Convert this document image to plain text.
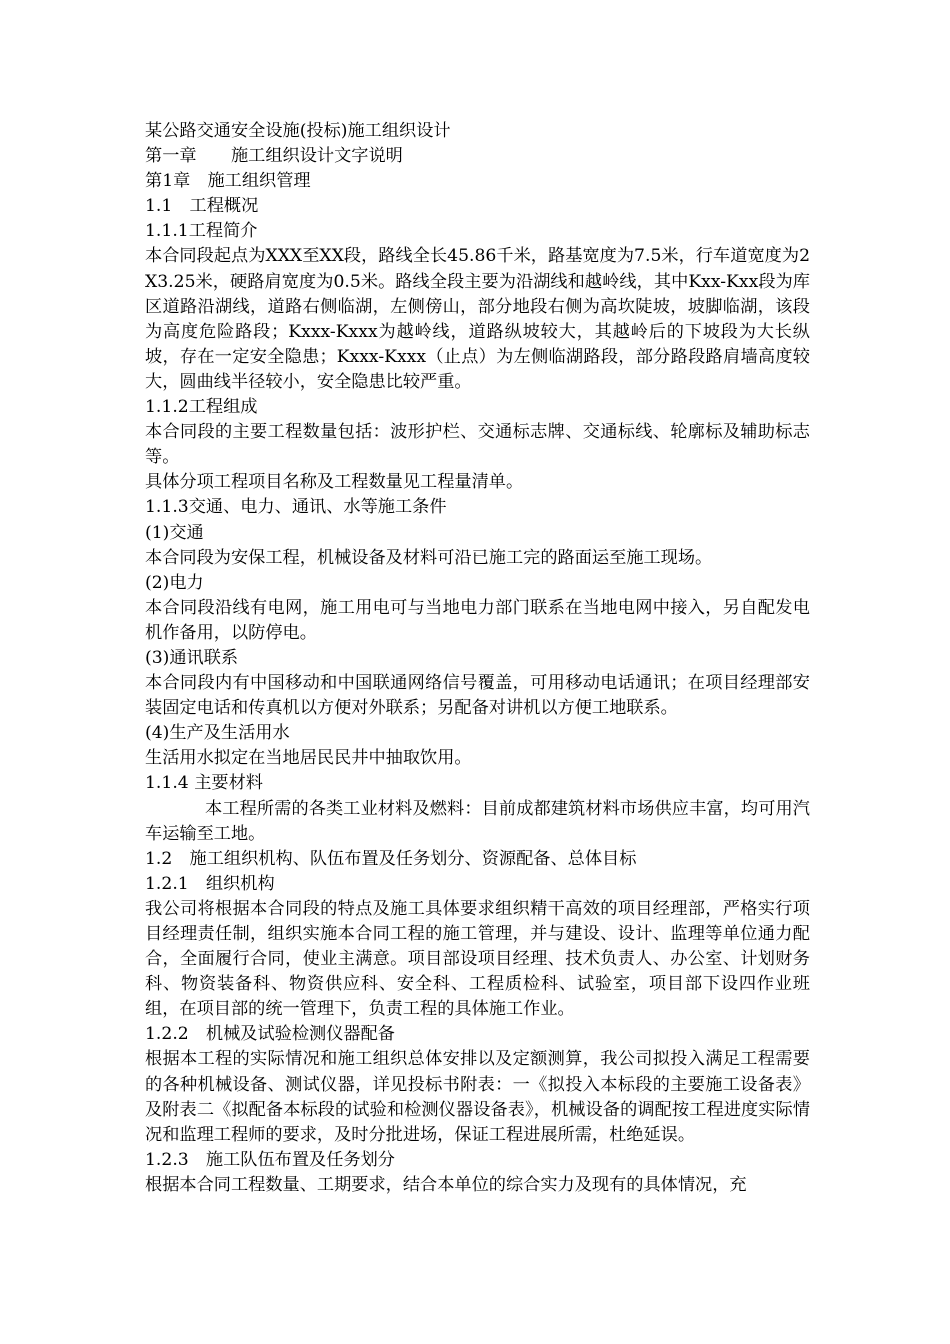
某公路交通安全设施(投标)施工组织设计
第一章　　施工组织设计文字说明
第1章　施工组织管理
1.1　工程概况
1.1.1工程简介

本合同段起点为XXX至XX段，路线全长45.86千米，路基宽度为7.5米，行车道宽度为2X3.25米，硬路肩宽度为0.5米。路线全段主要为沿湖线和越岭线，其中Kxx-Kxx段为库区道路沿湖线，道路右侧临湖，左侧傍山，部分地段右侧为高坎陡坡，坡脚临湖，该段为高度危险路段；Kxxx-Kxxx为越岭线，道路纵坡较大，其越岭后的下坡段为大长纵坡，存在一定安全隐患；Kxxx-Kxxx（止点）为左侧临湖路段，部分路段路肩墙高度较大，圆曲线半径较小，安全隐患比较严重。

1.1.2工程组成

本合同段的主要工程数量包括：波形护栏、交通标志牌、交通标线、轮廓标及辅助标志等。

具体分项工程项目名称及工程数量见工程量清单。

1.1.3交通、电力、通讯、水等施工条件
(1)交通

本合同段为安保工程，机械设备及材料可沿已施工完的路面运至施工现场。

(2)电力

本合同段沿线有电网，施工用电可与当地电力部门联系在当地电网中接入，另自配发电机作备用，以防停电。

(3)通讯联系

本合同段内有中国移动和中国联通网络信号覆盖，可用移动电话通讯；在项目经理部安装固定电话和传真机以方便对外联系；另配备对讲机以方便工地联系。

(4)生产及生活用水

生活用水拟定在当地居民民井中抽取饮用。

1.1.4 主要材料

本工程所需的各类工业材料及燃料：目前成都建筑材料市场供应丰富，均可用汽车运输至工地。

1.2　施工组织机构、队伍布置及任务划分、资源配备、总体目标
1.2.1　组织机构

我公司将根据本合同段的特点及施工具体要求组织精干高效的项目经理部，严格实行项目经理责任制，组织实施本合同工程的施工管理，并与建设、设计、监理等单位通力配合，全面履行合同，使业主满意。项目部设项目经理、技术负责人、办公室、计划财务科、物资装备科、物资供应科、安全科、工程质检科、试验室，项目部下设四作业班组，在项目部的统一管理下，负责工程的具体施工作业。

1.2.2　机械及试验检测仪器配备

根据本工程的实际情况和施工组织总体安排以及定额测算，我公司拟投入满足工程需要的各种机械设备、测试仪器，详见投标书附表：一《拟投入本标段的主要施工设备表》及附表二《拟配备本标段的试验和检测仪器设备表》，机械设备的调配按工程进度实际情况和监理工程师的要求，及时分批进场，保证工程进展所需，杜绝延误。

1.2.3　施工队伍布置及任务划分

根据本合同工程数量、工期要求，结合本单位的综合实力及现有的具体情况，充
